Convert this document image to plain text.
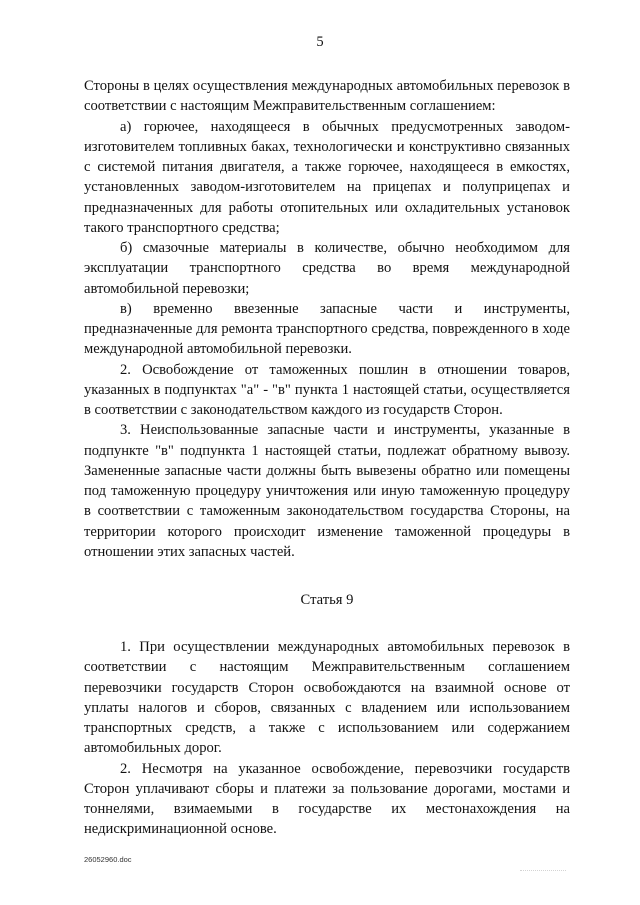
5

Стороны в целях осуществления международных автомобильных перевозок в соответствии с настоящим Межправительственным соглашением:

а) горючее, находящееся в обычных предусмотренных заводом-изготовителем топливных баках, технологически и конструктивно связанных с системой питания двигателя, а также горючее, находящееся в емкостях, установленных заводом-изготовителем на прицепах и полуприцепах и предназначенных для работы отопительных или охладительных установок такого транспортного средства;

б) смазочные материалы в количестве, обычно необходимом для эксплуатации транспортного средства во время международной автомобильной перевозки;

в) временно ввезенные запасные части и инструменты, предназначенные для ремонта транспортного средства, поврежденного в ходе международной автомобильной перевозки.

2. Освобождение от таможенных пошлин в отношении товаров, указанных в подпунктах "а" - "в" пункта 1 настоящей статьи, осуществляется в соответствии с законодательством каждого из государств Сторон.

3. Неиспользованные запасные части и инструменты, указанные в подпункте "в" подпункта 1 настоящей статьи, подлежат обратному вывозу. Замененные запасные части должны быть вывезены обратно или помещены под таможенную процедуру уничтожения или иную таможенную процедуру в соответствии с таможенным законодательством государства Стороны, на территории которого происходит изменение таможенной процедуры в отношении этих запасных частей.

Статья 9

1. При осуществлении международных автомобильных перевозок в соответствии с настоящим Межправительственным соглашением перевозчики государств Сторон освобождаются на взаимной основе от уплаты налогов и сборов, связанных с владением или использованием транспортных средств, а также с использованием или содержанием автомобильных дорог.

2. Несмотря на указанное освобождение, перевозчики государств Сторон уплачивают сборы и платежи за пользование дорогами, мостами и тоннелями, взимаемыми в государстве их местонахождения на недискриминационной основе.

26052960.doc
